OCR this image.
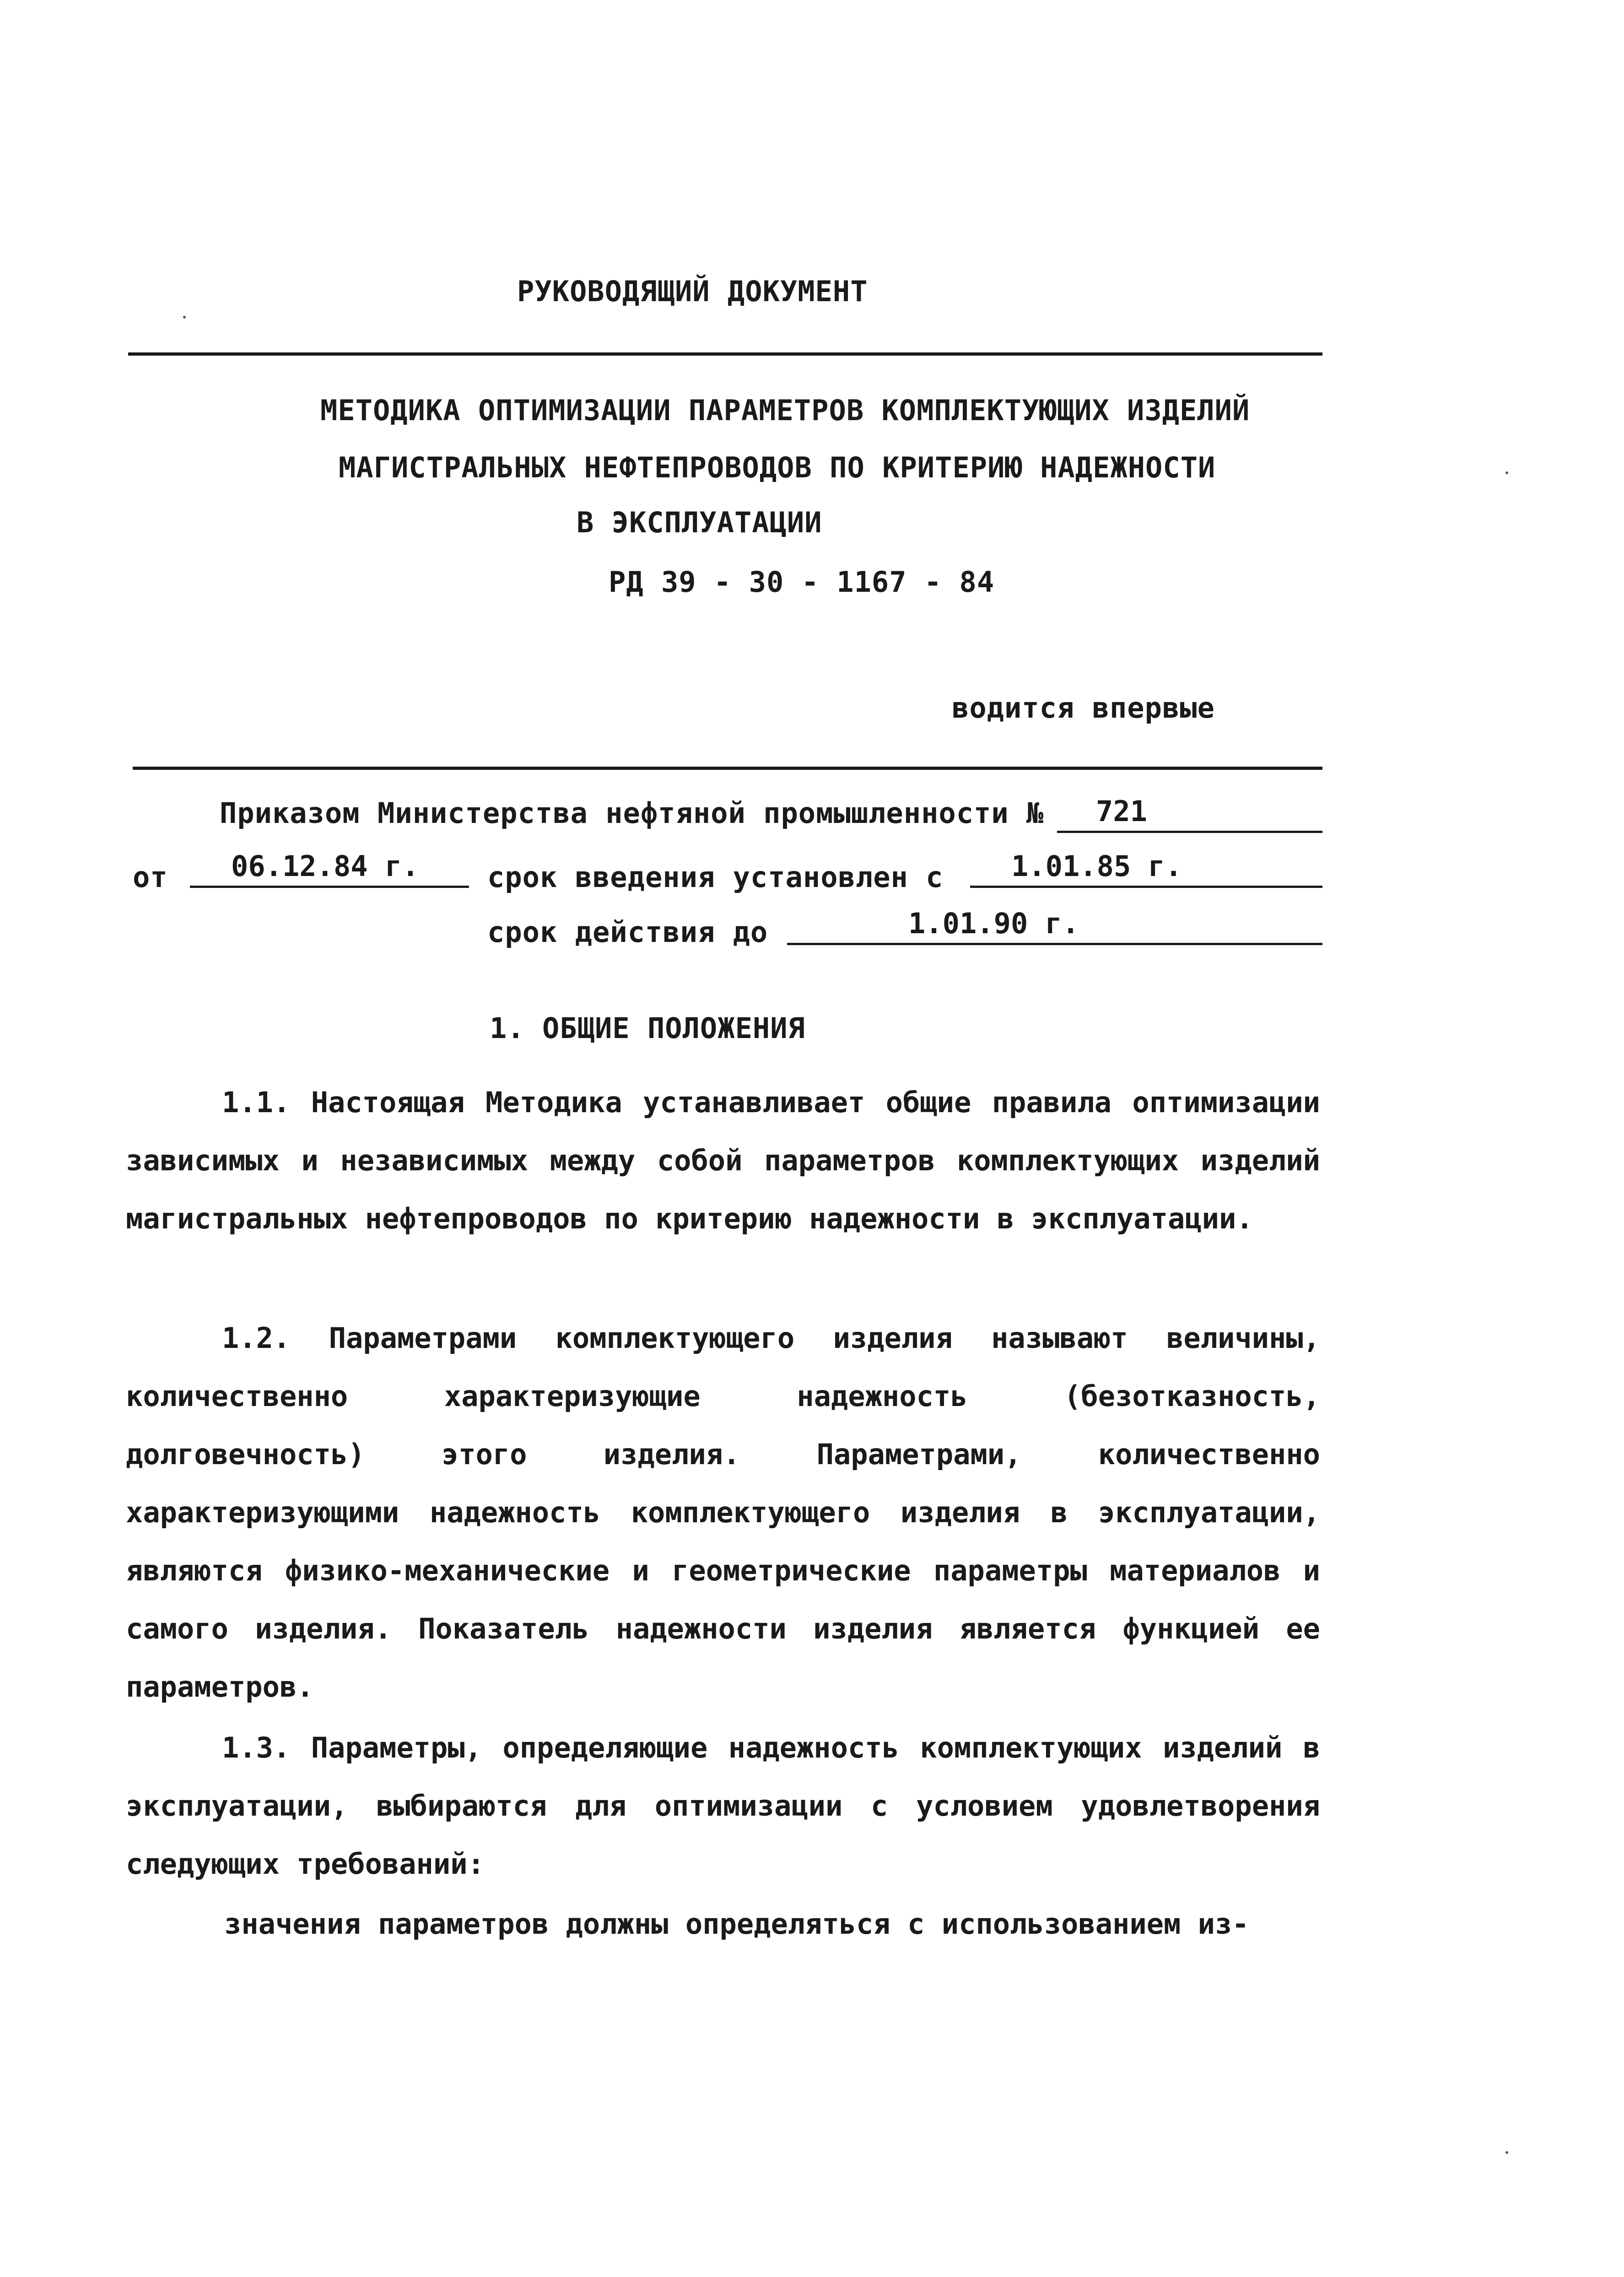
РУКОВОДЯЩИЙ ДОКУМЕНТ
МЕТОДИКА ОПТИМИЗАЦИИ ПАРАМЕТРОВ КОМПЛЕКТУЮЩИХ ИЗДЕЛИЙ
МАГИСТРАЛЬНЫХ НЕФТЕПРОВОДОВ ПО КРИТЕРИЮ НАДЕЖНОСТИ
В ЭКСПЛУАТАЦИИ
РД 39 - 30 - 1167 - 84
водится впервые
Приказом Министерства нефтяной промышленности № 721
от 06.12.84 г. срок введения установлен с 1.01.85 г.
срок действия до	1.01.90 г.
1. ОБЩИЕ ПОЛОЖЕНИЯ
1.1. Настоящая Методика устанавливает общие правила оптимизации зависимых и независимых между собой параметров комплектующих изделий магистральных нефтепроводов по критерию надежности в эксплуатации.
1.2. Параметрами комплектующего изделия называют величины, количественно характеризующие надежность (безотказность, долговечность) этого изделия. Параметрами, количественно характеризующими надежность комплектующего изделия в эксплуатации, являются физико-механические и геометрические параметры материалов и самого изделия. Показатель надежности изделия является функцией ее параметров.
1.3. Параметры, определяющие надежность комплектующих изделий в эксплуатации, выбираются для оптимизации с условием удовлетворения следующих требований:
значения параметров должны определяться с использованием из-
